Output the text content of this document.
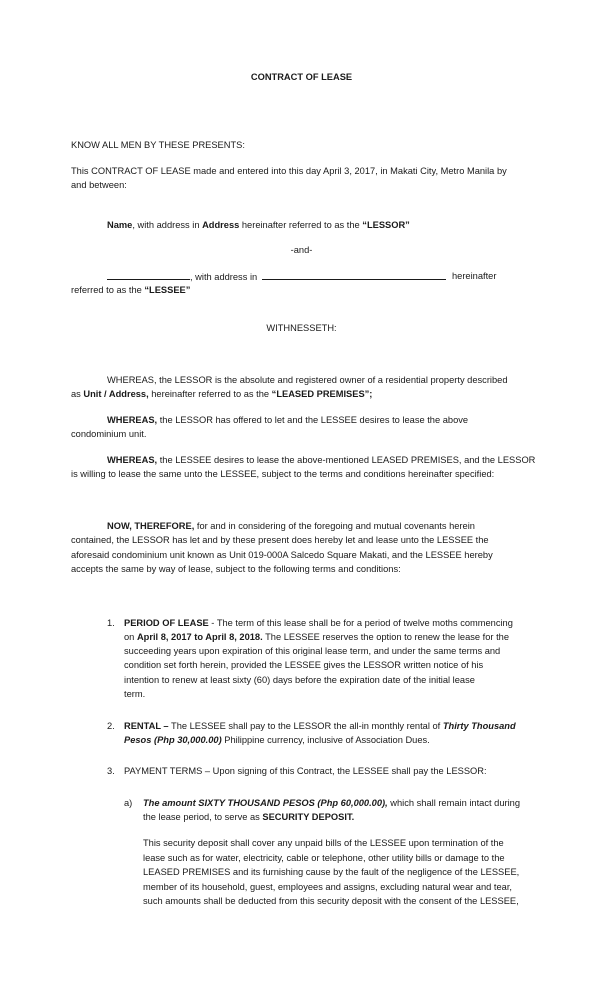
CONTRACT OF LEASE
KNOW ALL MEN BY THESE PRESENTS:
This CONTRACT OF LEASE made and entered into this day April 3, 2017, in Makati City, Metro Manila by
and between:
Name, with address in Address hereinafter referred to as the “LESSOR”
-and-
, with address in	hereinafter
referred to as the “LESSEE”
WITHNESSETH:
WHEREAS, the LESSOR is the absolute and registered owner of a residential property described
as Unit / Address, hereinafter referred to as the “LEASED PREMISES”;
WHEREAS, the LESSOR has offered to let and the LESSEE desires to lease the above
condominium unit.
WHEREAS, the LESSEE desires to lease the above-mentioned LEASED PREMISES, and the LESSOR
is willing to lease the same unto the LESSEE, subject to the terms and conditions hereinafter specified:
NOW, THEREFORE, for and in considering of the foregoing and mutual covenants herein
contained, the LESSOR has let and by these present does hereby let and lease unto the LESSEE the
aforesaid condominium unit known as Unit 019-000A Salcedo Square Makati, and the LESSEE hereby
accepts the same by way of lease, subject to the following terms and conditions:
1. PERIOD OF LEASE - The term of this lease shall be for a period of twelve moths commencing
on April 8, 2017 to April 8, 2018. The LESSEE reserves the option to renew the lease for the
succeeding years upon expiration of this original lease term, and under the same terms and
condition set forth herein, provided the LESSEE gives the LESSOR written notice of his
intention to renew at least sixty (60) days before the expiration date of the initial lease
term.
2. RENTAL – The LESSEE shall pay to the LESSOR the all-in monthly rental of Thirty Thousand
Pesos (Php 30,000.00) Philippine currency, inclusive of Association Dues.
3. PAYMENT TERMS – Upon signing of this Contract, the LESSEE shall pay the LESSOR:
a) The amount SIXTY THOUSAND PESOS (Php 60,000.00), which shall remain intact during
the lease period, to serve as SECURITY DEPOSIT.
This security deposit shall cover any unpaid bills of the LESSEE upon termination of the
lease such as for water, electricity, cable or telephone, other utility bills or damage to the
LEASED PREMISES and its furnishing cause by the fault of the negligence of the LESSEE,
member of its household, guest, employees and assigns, excluding natural wear and tear,
such amounts shall be deducted from this security deposit with the consent of the LESSEE,
